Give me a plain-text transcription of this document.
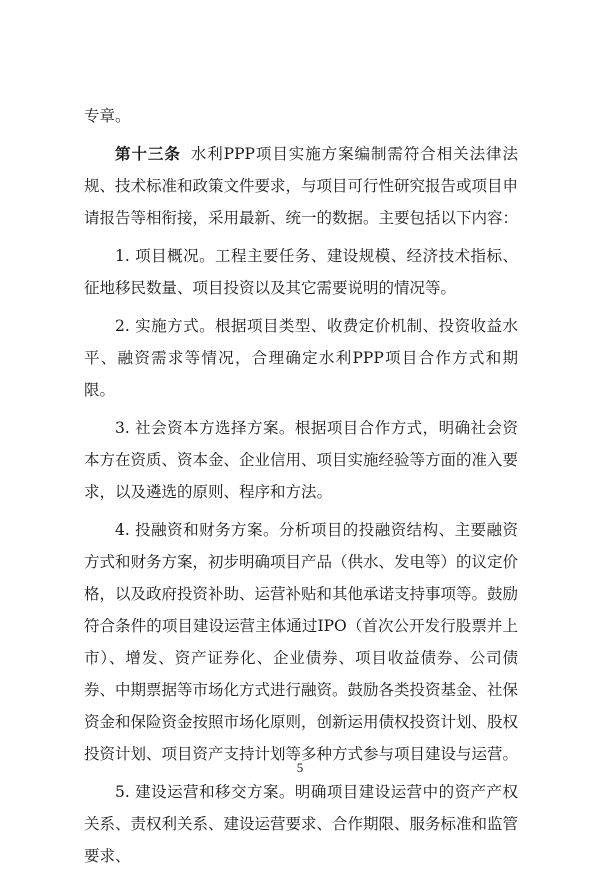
专章。

第十三条 水利PPP项目实施方案编制需符合相关法律法规、技术标准和政策文件要求，与项目可行性研究报告或项目申请报告等相衔接，采用最新、统一的数据。主要包括以下内容：

1. 项目概况。工程主要任务、建设规模、经济技术指标、征地移民数量、项目投资以及其它需要说明的情况等。

2. 实施方式。根据项目类型、收费定价机制、投资收益水平、融资需求等情况，合理确定水利PPP项目合作方式和期限。

3. 社会资本方选择方案。根据项目合作方式，明确社会资本方在资质、资本金、企业信用、项目实施经验等方面的准入要求，以及遴选的原则、程序和方法。

4. 投融资和财务方案。分析项目的投融资结构、主要融资方式和财务方案，初步明确项目产品（供水、发电等）的议定价格，以及政府投资补助、运营补贴和其他承诺支持事项等。鼓励符合条件的项目建设运营主体通过IPO（首次公开发行股票并上市）、增发、资产证券化、企业债券、项目收益债券、公司债券、中期票据等市场化方式进行融资。鼓励各类投资基金、社保资金和保险资金按照市场化原则，创新运用债权投资计划、股权投资计划、项目资产支持计划等多种方式参与项目建设与运营。

5. 建设运营和移交方案。明确项目建设运营中的资产产权关系、责权利关系、建设运营要求、合作期限、服务标准和监管要求、

5
